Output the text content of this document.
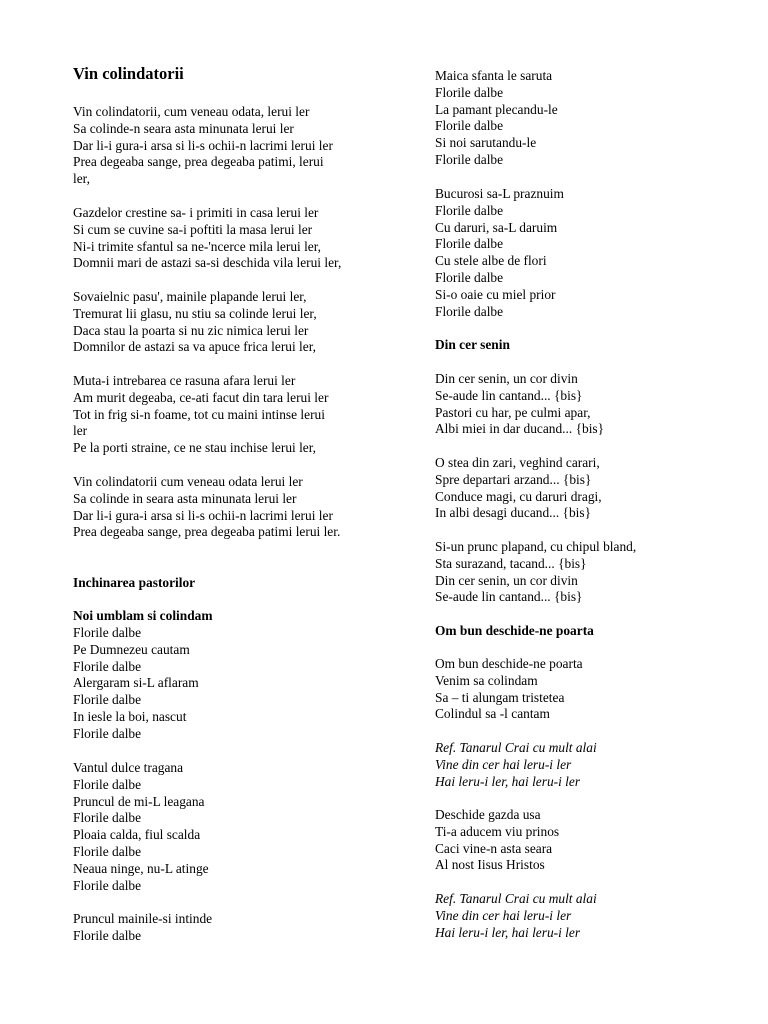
Vin colindatorii
Vin colindatorii, cum veneau odata, lerui ler
Sa colinde-n seara asta minunata lerui ler
Dar li-i gura-i arsa si li-s ochii-n lacrimi lerui ler
Prea degeaba sange, prea degeaba patimi, lerui
ler,
Gazdelor crestine sa- i primiti in casa lerui ler
Si cum se cuvine sa-i poftiti la masa lerui ler
Ni-i trimite sfantul sa ne-'ncerce mila lerui ler,
Domnii mari de astazi sa-si deschida vila lerui ler,
Sovaielnic pasu', mainile plapande lerui ler,
Tremurat lii glasu, nu stiu sa colinde lerui ler,
Daca stau la poarta si nu zic nimica lerui ler
Domnilor de astazi sa va apuce frica lerui ler,
Muta-i intrebarea ce rasuna afara lerui ler
Am murit degeaba, ce-ati facut din tara lerui ler
Tot in frig si-n foame, tot cu maini intinse lerui
ler
Pe la porti straine, ce ne stau inchise lerui ler,
Vin colindatorii cum veneau odata lerui ler
Sa colinde in seara asta minunata lerui ler
Dar li-i gura-i arsa si li-s ochii-n lacrimi lerui ler
Prea degeaba sange, prea degeaba patimi lerui ler.
Inchinarea pastorilor
Noi umblam si colindam
Florile dalbe
Pe Dumnezeu cautam
Florile dalbe
Alergaram si-L aflaram
Florile dalbe
In iesle la boi, nascut
Florile dalbe
Vantul dulce tragana
Florile dalbe
Pruncul de mi-L leagana
Florile dalbe
Ploaia calda, fiul scalda
Florile dalbe
Neaua ninge, nu-L atinge
Florile dalbe
Pruncul mainile-si intinde
Florile dalbe
Maica sfanta le saruta
Florile dalbe
La pamant plecandu-le
Florile dalbe
Si noi sarutandu-le
Florile dalbe
Bucurosi sa-L praznuim
Florile dalbe
Cu daruri, sa-L daruim
Florile dalbe
Cu stele albe de flori
Florile dalbe
Si-o oaie cu miel prior
Florile dalbe
Din cer senin
Din cer senin, un cor divin
Se-aude lin cantand... {bis}
Pastori cu har, pe culmi apar,
Albi miei in dar ducand... {bis}
O stea din zari, veghind carari,
Spre departari arzand... {bis}
Conduce magi, cu daruri dragi,
In albi desagi ducand... {bis}
Si-un prunc plapand, cu chipul bland,
Sta surazand, tacand... {bis}
Din cer senin, un cor divin
Se-aude lin cantand... {bis}
Om bun deschide-ne poarta
Om bun deschide-ne poarta
Venim sa colindam
Sa – ti alungam tristetea
Colindul sa -l cantam
Ref. Tanarul Crai cu mult alai
Vine din cer hai leru-i ler
Hai leru-i ler, hai leru-i ler
Deschide gazda usa
Ti-a aducem viu prinos
Caci vine-n asta seara
Al nost Iisus Hristos
Ref. Tanarul Crai cu mult alai
Vine din cer hai leru-i ler
Hai leru-i ler, hai leru-i ler
